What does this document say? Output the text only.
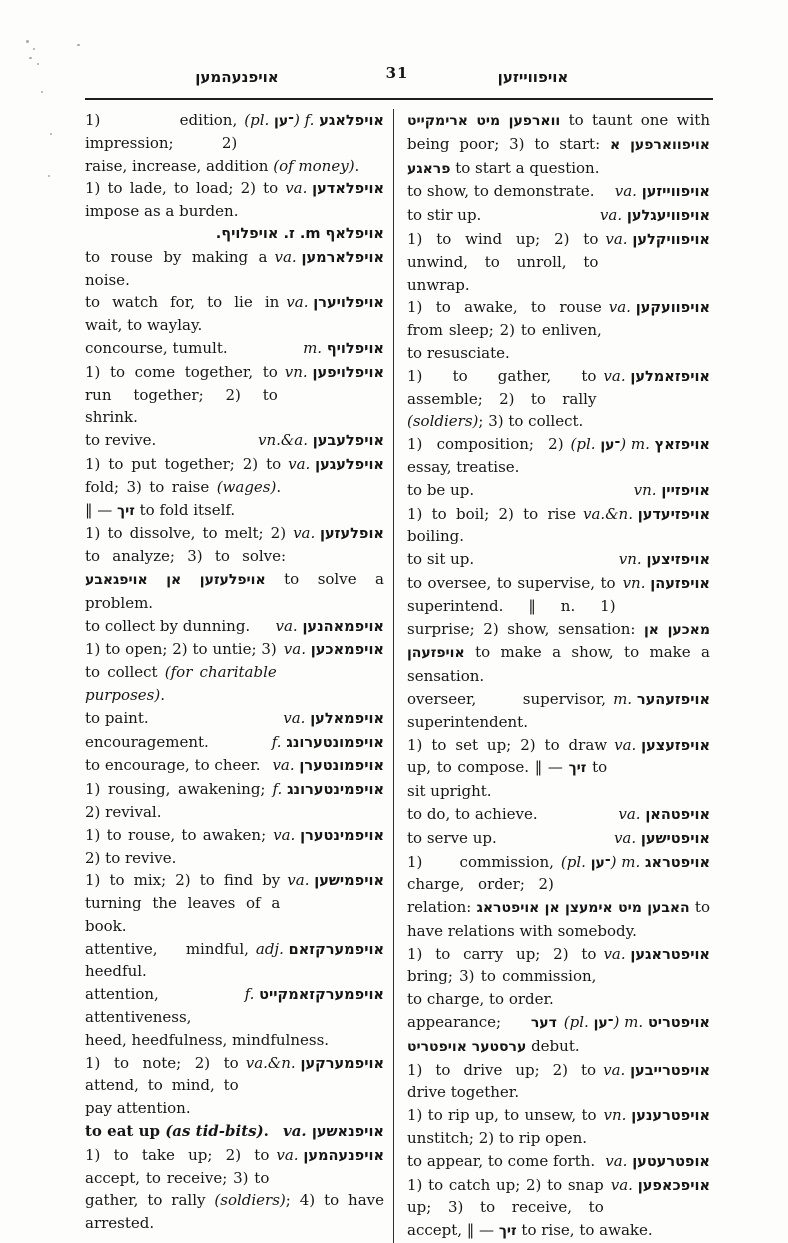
אויפנעהמען	31	אויפווייזען

(pl. ־ען) f. אויפלאגע
1) edition, impression; 2) raise, increase, addition (of money).

va. אויפלאדען
1) to lade, to load; 2) to impose as a burden.

אויפלאף m. ז. אויפלויף.

va. אויפלארמען
to rouse by making a noise.

va. אויפלויערן
to watch for, to lie in wait, to waylay.

m. אויפלויף
concourse, tumult.

vn. אויפלויפען
1) to come together, to run together; 2) to shrink.

vn.&a. אויפלעבען
to revive.

va. אויפלעגען
1) to put together; 2) to fold; 3) to raise (wages). ‖ — זיך to fold itself.

va. אופלעזען
1) to dissolve, to melt; 2) to analyze; 3) to solve: אויפלעזען אן אויפגאבע to solve a problem.

va. אויפמאהנען
to collect by dunning.

va. אויפמאכען
1) to open; 2) to untie; 3) to collect (for charitable purposes).

va. אויפמאלען
to paint.

f. אויפמונטערונג
encouragement.

va. אויפמונטערן
to encourage, to cheer.

f. אויפמינטערונג
1) rousing, awakening; 2) revival.

va. אויפמינטערן
1) to rouse, to awaken; 2) to revive.

va. אויפמישען
1) to mix; 2) to find by turning the leaves of a book.

adj. אויפמערקזאם
attentive, mindful, heedful.

f. אויפמערקזאמקייט
attention, attentiveness, heed, heedfulness, mindfulness.

va.&n. אויפמערקען
1) to note; 2) to attend, to mind, to pay attention.

va. אויפנאשען
to eat up (as tid-bits).

va. אויפנעהמען
1) to take up; 2) to accept, to receive; 3) to gather, to rally (soldiers); 4) to have arrested.

ווארפען מיט ארימקייט to taunt one with being poor; 3) to start: אויפווארפען א פראגע to start a question.

va. אויפווייזען
to show, to demonstrate.

va. אויפוויעגלען
to stir up.

va. אויפוויקלען
1) to wind up; 2) to unwind, to unroll, to unwrap.

va. אויפוועקען
1) to awake, to rouse from sleep; 2) to enliven, to resusciate.

va. אויפזאמלען
1) to gather, to assemble; 2) to rally (soldiers); 3) to collect.

(pl. ־ען) m. אויפזאץ
1) composition; 2) essay, treatise.

vn. אויפזיין
to be up.

va.&n. אויפזיעדען
1) to boil; 2) to rise boiling.

vn. אויפזיצען
to sit up.

vn. אויפזעהן
to oversee, to supervise, to superintend. ‖ n. 1) surprise; 2) show, sensation: מאכען אן אויפזעהן to make a show, to make a sensation.

m. אויפזעהער
overseer, supervisor, superintendent.

va. אויפזעצען
1) to set up; 2) to draw up, to compose. ‖ — זיך to sit upright.

va. אויפטהאן
to do, to achieve.

va. אויפטישען
to serve up.

(pl. ־ען) m. אויפטראג
1) commission, charge, order; 2) relation: האבען מיט אימעצן אן אויפטראג to have relations with somebody.

va. אויפטראגען
1) to carry up; 2) to bring; 3) to commission, to charge, to order.

(pl. ־ען) m. אויפטריט
appearance; דער ערסטער אויפטריט debut.

va. אויפטרייבען
1) to drive up; 2) to drive together.

vn. אויפטרענען
1) to rip up, to unsew, to unstitch; 2) to rip open.

va. אופטרעטען
to appear, to come forth.

va. אויפכאפען
1) to catch up; 2) to snap up; 3) to receive, to accept, ‖ — זיך to rise, to awake.
